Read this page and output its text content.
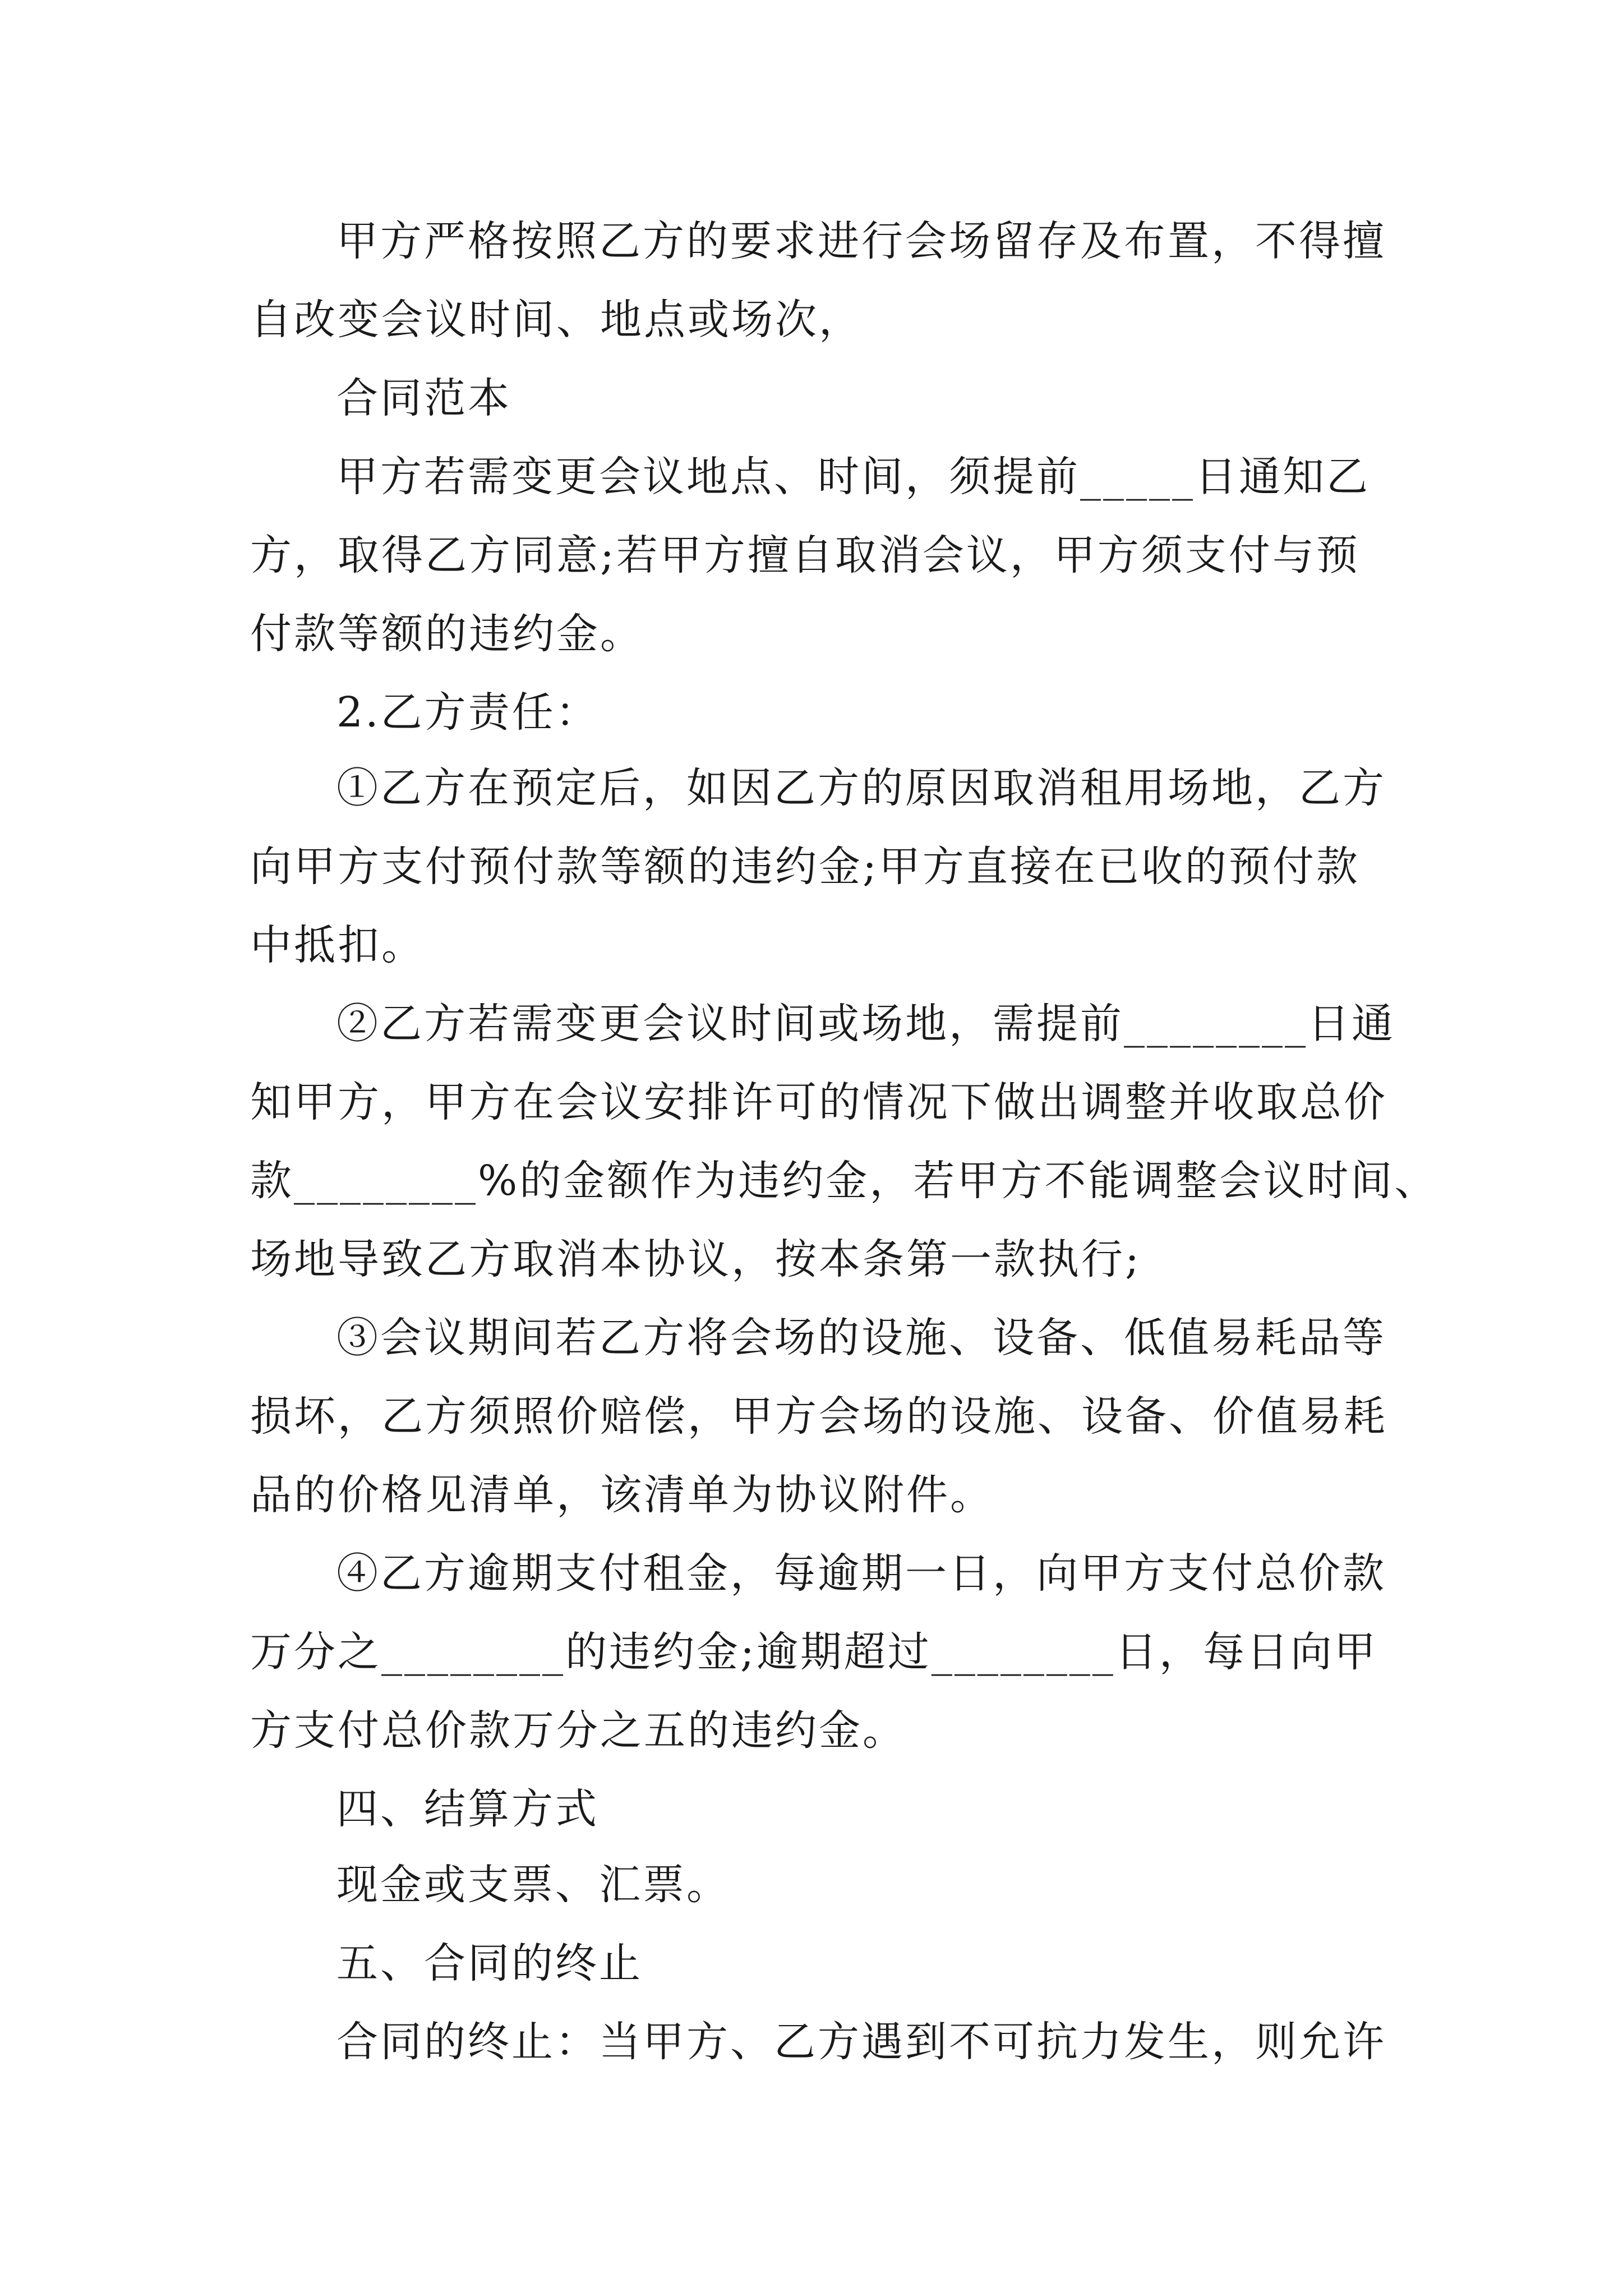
甲方严格按照乙方的要求进行会场留存及布置，不得擅
自改变会议时间、地点或场次，
合同范本
甲方若需变更会议地点、时间，须提前_____日通知乙
方，取得乙方同意;若甲方擅自取消会议，甲方须支付与预
付款等额的违约金。
2.乙方责任：
①乙方在预定后，如因乙方的原因取消租用场地，乙方
向甲方支付预付款等额的违约金;甲方直接在已收的预付款
中抵扣。
②乙方若需变更会议时间或场地，需提前________日通
知甲方，甲方在会议安排许可的情况下做出调整并收取总价
款________%的金额作为违约金，若甲方不能调整会议时间、
场地导致乙方取消本协议，按本条第一款执行;
③会议期间若乙方将会场的设施、设备、低值易耗品等
损坏，乙方须照价赔偿，甲方会场的设施、设备、价值易耗
品的价格见清单，该清单为协议附件。
④乙方逾期支付租金，每逾期一日，向甲方支付总价款
万分之________的违约金;逾期超过________日，每日向甲
方支付总价款万分之五的违约金。
四、结算方式
现金或支票、汇票。
五、合同的终止
合同的终止：当甲方、乙方遇到不可抗力发生，则允许
